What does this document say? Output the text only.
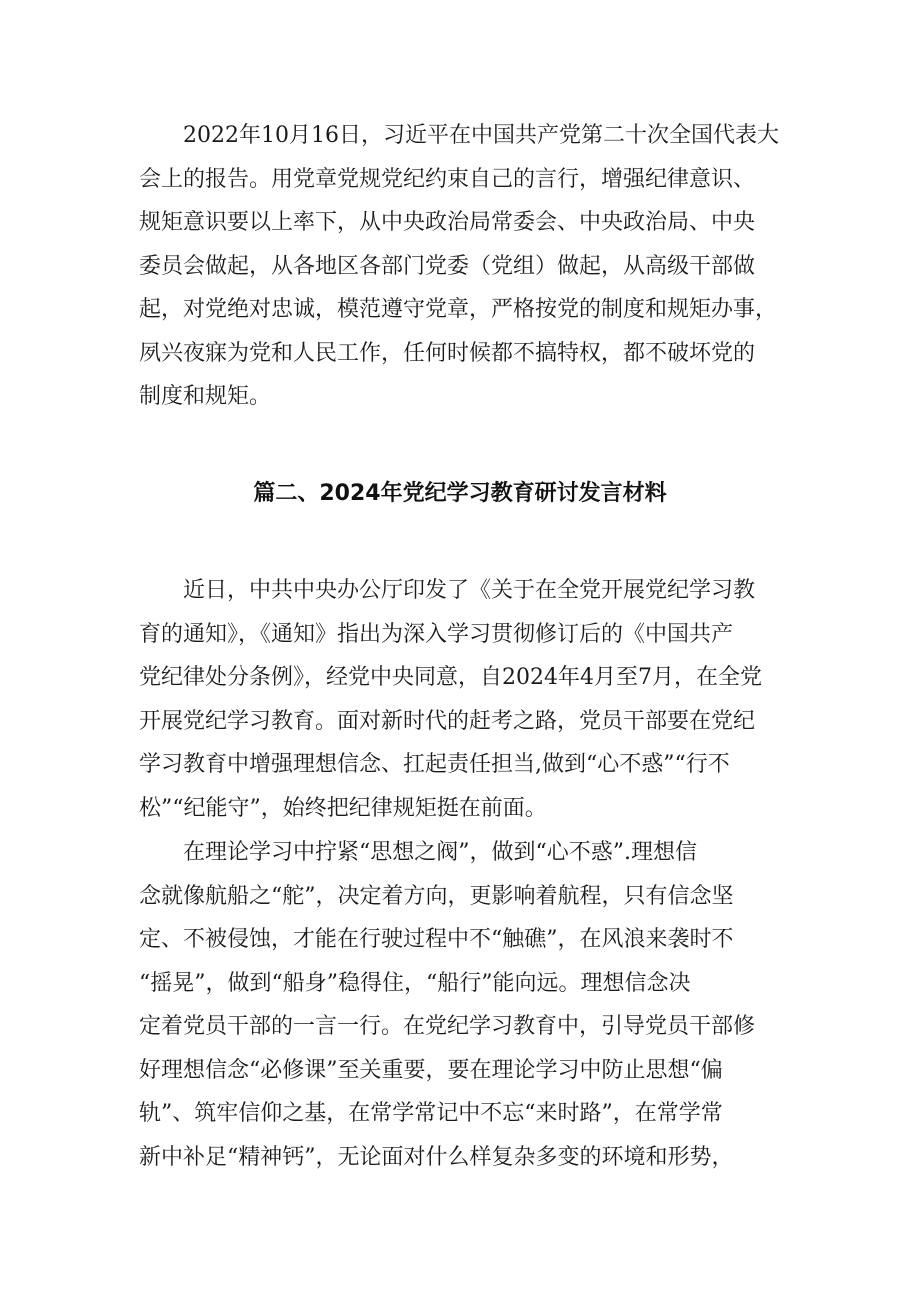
2022年10月16日，习近平在中国共产党第二十次全国代表大
会上的报告。用党章党规党纪约束自己的言行，增强纪律意识、
规矩意识要以上率下，从中央政治局常委会、中央政治局、中央
委员会做起，从各地区各部门党委（党组）做起，从高级干部做
起，对党绝对忠诚，模范遵守党章，严格按党的制度和规矩办事，
夙兴夜寐为党和人民工作，任何时候都不搞特权，都不破坏党的
制度和规矩。
篇二、2024年党纪学习教育研讨发言材料
近日，中共中央办公厅印发了《关于在全党开展党纪学习教
育的通知》，《通知》指出为深入学习贯彻修订后的《中国共产
党纪律处分条例》，经党中央同意，自2024年4月至7月，在全党
开展党纪学习教育。面对新时代的赶考之路，党员干部要在党纪
学习教育中增强理想信念、扛起责任担当,做到“心不惑”“行不
松”“纪能守”，始终把纪律规矩挺在前面。
在理论学习中拧紧“思想之阀”，做到“心不惑”.理想信
念就像航船之“舵”，决定着方向，更影响着航程，只有信念坚
定、不被侵蚀，才能在行驶过程中不“触礁”，在风浪来袭时不
“摇晃”，做到“船身”稳得住，“船行”能向远。理想信念决
定着党员干部的一言一行。在党纪学习教育中，引导党员干部修
好理想信念“必修课”至关重要，要在理论学习中防止思想“偏
轨”、筑牢信仰之基，在常学常记中不忘“来时路”，在常学常
新中补足“精神钙”，无论面对什么样复杂多变的环境和形势，
